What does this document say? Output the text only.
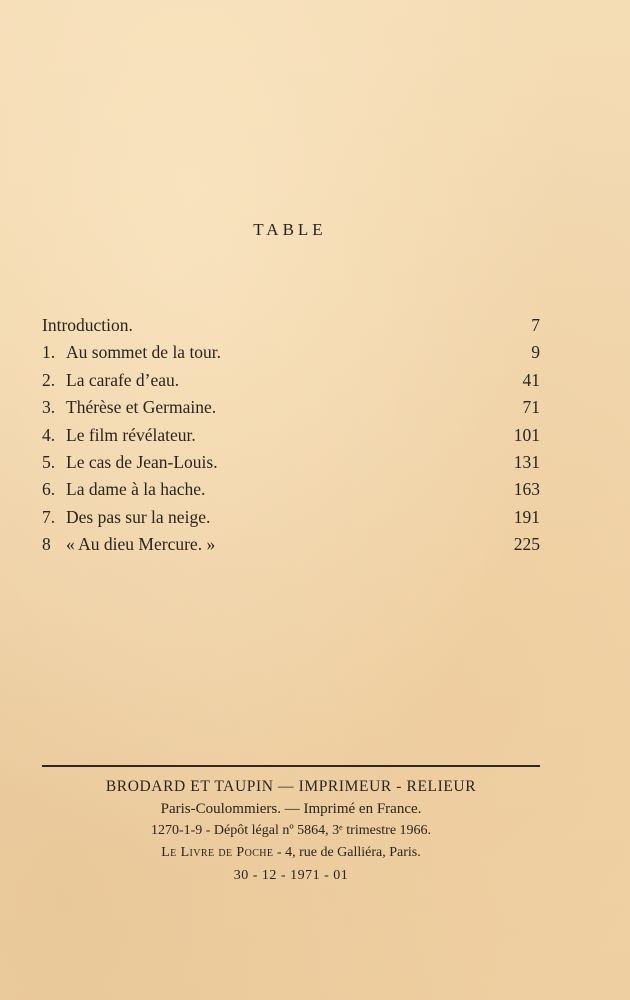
TABLE
Introduction.	7
1. Au sommet de la tour.	9
2. La carafe d’eau.	41
3. Thérèse et Germaine.	71
4. Le film révélateur.	101
5. Le cas de Jean-Louis.	131
6. La dame à la hache.	163
7. Des pas sur la neige.	191
8 « Au dieu Mercure. »	225
BRODARD ET TAUPIN — IMPRIMEUR - RELIEUR
Paris-Coulommiers. — Imprimé en France.
1270-1-9 - Dépôt légal nº 5864, 3ᵉ trimestre 1966.
Le Livre de Poche - 4, rue de Galliéra, Paris.
30 - 12 - 1971 - 01
